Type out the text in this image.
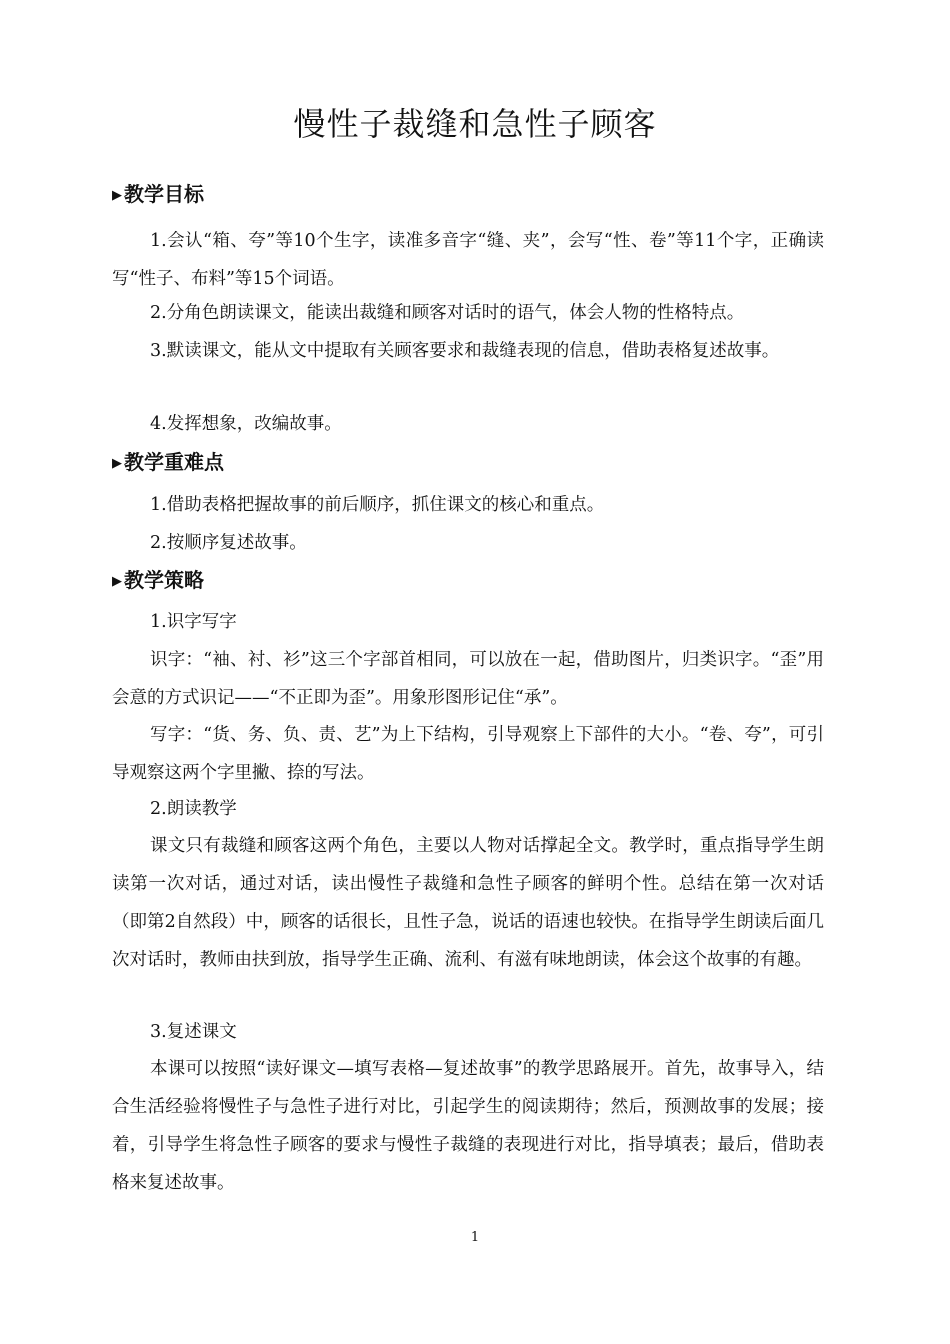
慢性子裁缝和急性子顾客
▶ 教学目标
1.会认“箱、夸”等10个生字，读准多音字“缝、夹”，会写“性、卷”等11个字，正确读写“性子、布料”等15个词语。
2.分角色朗读课文，能读出裁缝和顾客对话时的语气，体会人物的性格特点。
3.默读课文，能从文中提取有关顾客要求和裁缝表现的信息，借助表格复述故事。
4.发挥想象，改编故事。
▶ 教学重难点
1.借助表格把握故事的前后顺序，抓住课文的核心和重点。
2.按顺序复述故事。
▶ 教学策略
1.识字写字
识字：“袖、衬、衫”这三个字部首相同，可以放在一起，借助图片，归类识字。“歪”用会意的方式识记——“不正即为歪”。用象形图形记住“承”。
写字：“货、务、负、责、艺”为上下结构，引导观察上下部件的大小。“卷、夸”，可引导观察这两个字里撇、捺的写法。
2.朗读教学
课文只有裁缝和顾客这两个角色，主要以人物对话撑起全文。教学时，重点指导学生朗读第一次对话，通过对话，读出慢性子裁缝和急性子顾客的鲜明个性。总结在第一次对话（即第2自然段）中，顾客的话很长，且性子急，说话的语速也较快。在指导学生朗读后面几次对话时，教师由扶到放，指导学生正确、流利、有滋有味地朗读，体会这个故事的有趣。
3.复述课文
本课可以按照“读好课文—填写表格—复述故事”的教学思路展开。首先，故事导入，结合生活经验将慢性子与急性子进行对比，引起学生的阅读期待；然后，预测故事的发展；接着，引导学生将急性子顾客的要求与慢性子裁缝的表现进行对比，指导填表；最后，借助表格来复述故事。
1
